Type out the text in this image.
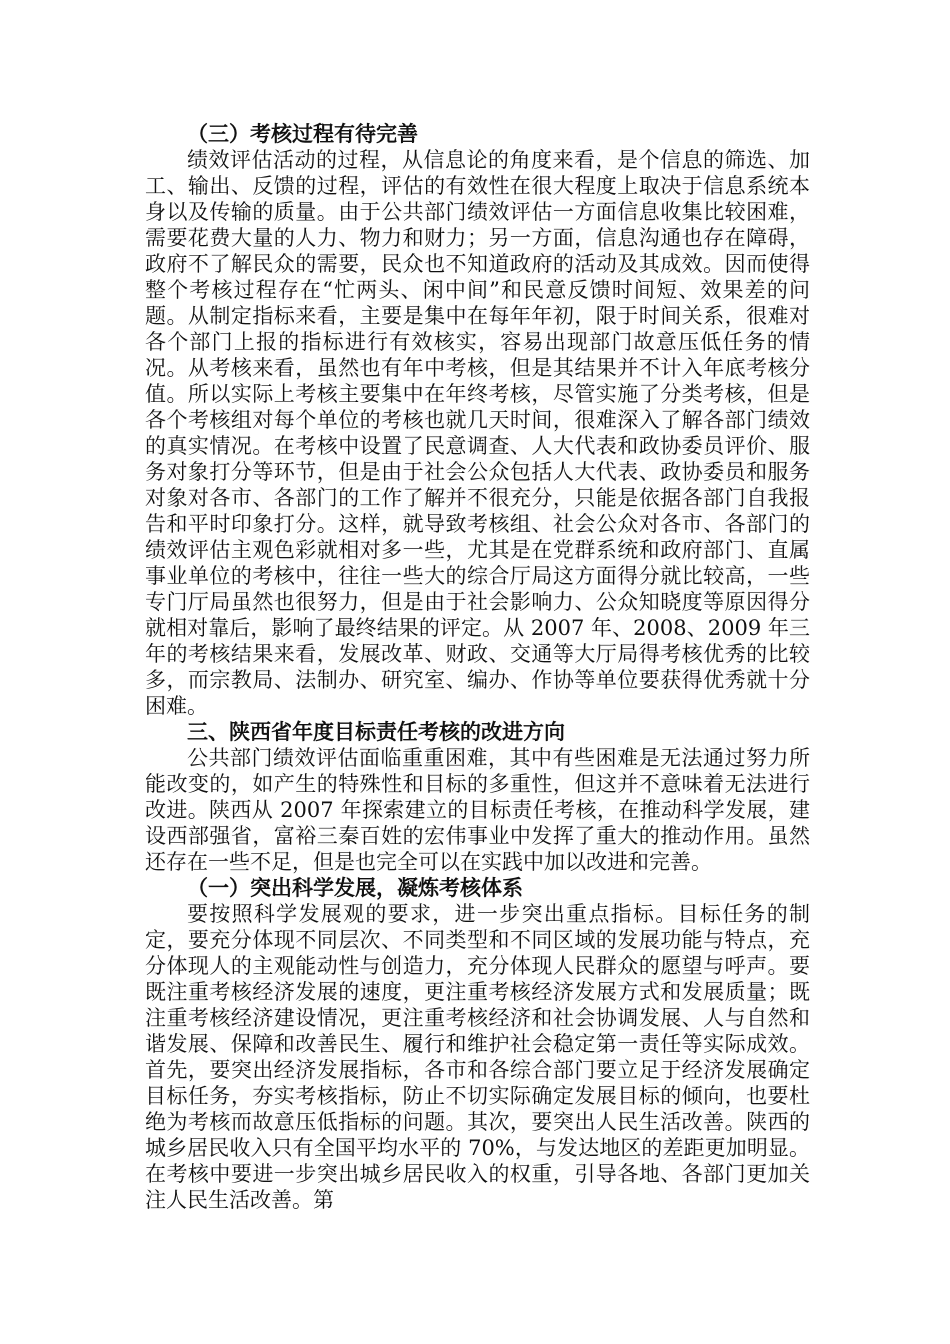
（三）考核过程有待完善

绩效评估活动的过程，从信息论的角度来看，是个信息的筛选、加工、输出、反馈的过程，评估的有效性在很大程度上取决于信息系统本身以及传输的质量。由于公共部门绩效评估一方面信息收集比较困难，需要花费大量的人力、物力和财力；另一方面，信息沟通也存在障碍，政府不了解民众的需要，民众也不知道政府的活动及其成效。因而使得整个考核过程存在“忙两头、闲中间”和民意反馈时间短、效果差的问题。从制定指标来看，主要是集中在每年年初，限于时间关系，很难对各个部门上报的指标进行有效核实，容易出现部门故意压低任务的情况。从考核来看，虽然也有年中考核，但是其结果并不计入年底考核分值。所以实际上考核主要集中在年终考核，尽管实施了分类考核，但是各个考核组对每个单位的考核也就几天时间，很难深入了解各部门绩效的真实情况。在考核中设置了民意调查、人大代表和政协委员评价、服务对象打分等环节，但是由于社会公众包括人大代表、政协委员和服务对象对各市、各部门的工作了解并不很充分，只能是依据各部门自我报告和平时印象打分。这样，就导致考核组、社会公众对各市、各部门的绩效评估主观色彩就相对多一些，尤其是在党群系统和政府部门、直属事业单位的考核中，往往一些大的综合厅局这方面得分就比较高，一些专门厅局虽然也很努力，但是由于社会影响力、公众知晓度等原因得分就相对靠后，影响了最终结果的评定。从 2007 年、2008、2009 年三年的考核结果来看，发展改革、财政、交通等大厅局得考核优秀的比较多，而宗教局、法制办、研究室、编办、作协等单位要获得优秀就十分困难。

三、陕西省年度目标责任考核的改进方向

公共部门绩效评估面临重重困难，其中有些困难是无法通过努力所能改变的，如产生的特殊性和目标的多重性，但这并不意味着无法进行改进。陕西从 2007 年探索建立的目标责任考核，在推动科学发展，建设西部强省，富裕三秦百姓的宏伟事业中发挥了重大的推动作用。虽然还存在一些不足，但是也完全可以在实践中加以改进和完善。

（一）突出科学发展，凝炼考核体系

要按照科学发展观的要求，进一步突出重点指标。目标任务的制定，要充分体现不同层次、不同类型和不同区域的发展功能与特点，充分体现人的主观能动性与创造力，充分体现人民群众的愿望与呼声。要既注重考核经济发展的速度，更注重考核经济发展方式和发展质量；既注重考核经济建设情况，更注重考核经济和社会协调发展、人与自然和谐发展、保障和改善民生、履行和维护社会稳定第一责任等实际成效。首先，要突出经济发展指标，各市和各综合部门要立足于经济发展确定目标任务，夯实考核指标，防止不切实际确定发展目标的倾向，也要杜绝为考核而故意压低指标的问题。其次，要突出人民生活改善。陕西的城乡居民收入只有全国平均水平的 70%，与发达地区的差距更加明显。在考核中要进一步突出城乡居民收入的权重，引导各地、各部门更加关注人民生活改善。第
